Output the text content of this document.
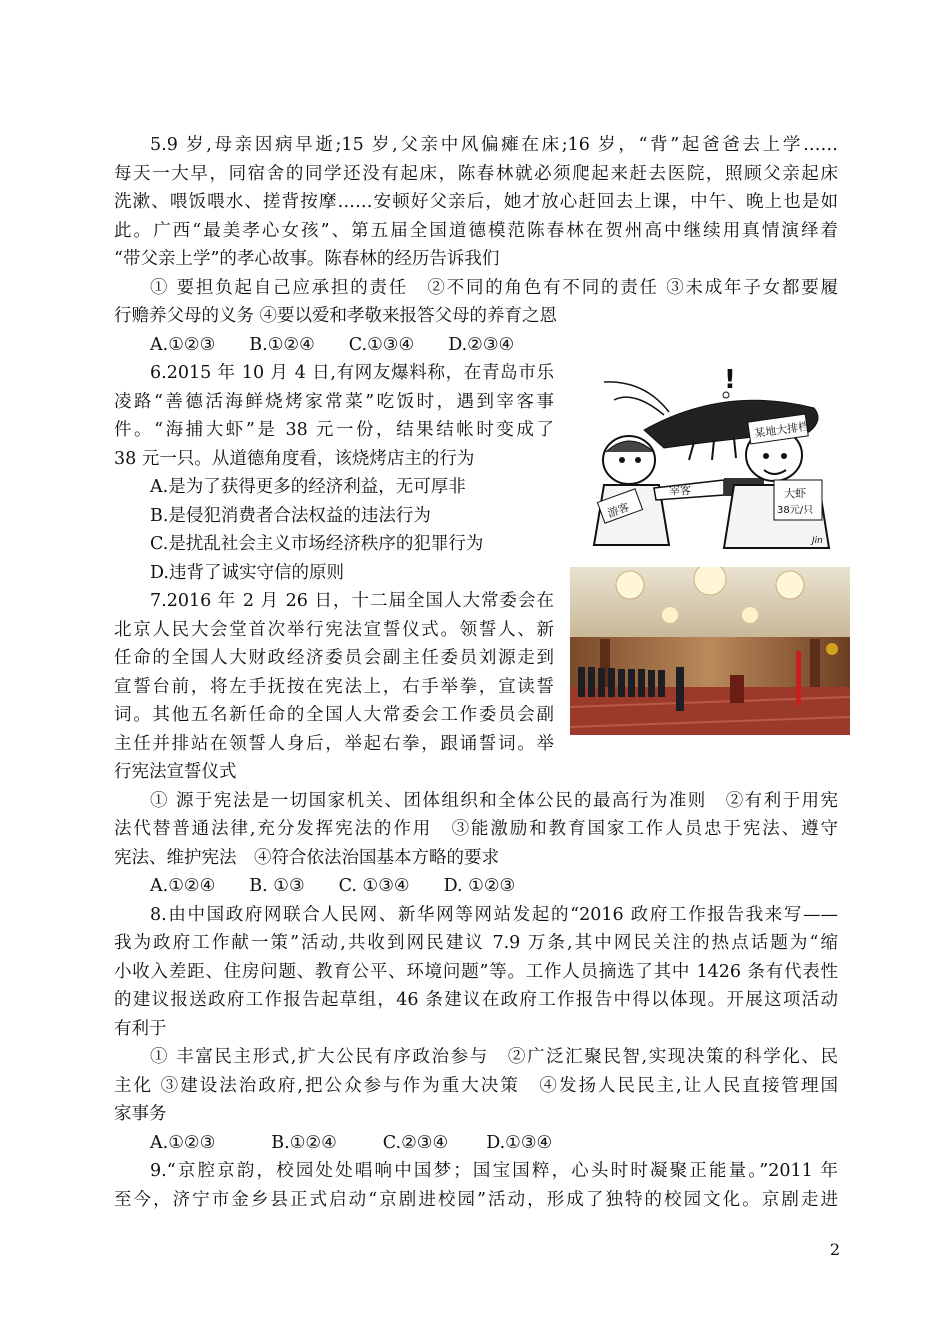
5.9 岁,母亲因病早逝;15 岁,父亲中风偏瘫在床;16 岁，“背”起爸爸去上学……
每天一大早，同宿舍的同学还没有起床，陈春林就必须爬起来赶去医院，照顾父亲起床
洗漱、喂饭喂水、搓背按摩……安顿好父亲后，她才放心赶回去上课，中午、晚上也是如
此。广西“最美孝心女孩”、第五届全国道德模范陈春林在贺州高中继续用真情演绎着
“带父亲上学”的孝心故事。陈春林的经历告诉我们
① 要担负起自己应承担的责任　②不同的角色有不同的责任 ③未成年子女都要履
行赡养父母的义务 ④要以爱和孝敬来报答父母的养育之恩
A.①②③ B.①②④ C.①③④ D.②③④
6.2015 年 10 月 4 日,有网友爆料称，在青岛市乐
凌路“善德活海鲜烧烤家常菜”吃饭时，遇到宰客事
件。“海捕大虾”是 38 元一份，结果结帐时变成了
38 元一只。从道德角度看，该烧烤店主的行为
A.是为了获得更多的经济利益，无可厚非
B.是侵犯消费者合法权益的违法行为
C.是扰乱社会主义市场经济秩序的犯罪行为
D.违背了诚实守信的原则
!
游客
宰客
某地大排档
大虾
38元/只
Jin
7.2016 年 2 月 26 日，十二届全国人大常委会在
北京人民大会堂首次举行宪法宣誓仪式。领誓人、新
任命的全国人大财政经济委员会副主任委员刘源走到
宣誓台前，将左手抚按在宪法上，右手举拳，宣读誓
词。其他五名新任命的全国人大常委会工作委员会副
主任并排站在领誓人身后，举起右拳，跟诵誓词。举
行宪法宣誓仪式
① 源于宪法是一切国家机关、团体组织和全体公民的最高行为准则　②有利于用宪
法代替普通法律,充分发挥宪法的作用　③能激励和教育国家工作人员忠于宪法、遵守
宪法、维护宪法　④符合依法治国基本方略的要求
A.①②④ B. ①③ C. ①③④ D. ①②③
8.由中国政府网联合人民网、新华网等网站发起的“2016 政府工作报告我来写——
我为政府工作献一策”活动,共收到网民建议 7.9 万条,其中网民关注的热点话题为“缩
小收入差距、住房问题、教育公平、环境问题”等。工作人员摘选了其中 1426 条有代表性
的建议报送政府工作报告起草组，46 条建议在政府工作报告中得以体现。开展这项活动
有利于
① 丰富民主形式,扩大公民有序政治参与　②广泛汇聚民智,实现决策的科学化、民
主化 ③建设法治政府,把公众参与作为重大决策　④发扬人民民主,让人民直接管理国
家事务
A.①②③	B.①②④	C.②③④ D.①③④
9.“京腔京韵，校园处处唱响中国梦；国宝国粹，心头时时凝聚正能量。”2011 年
至今，济宁市金乡县正式启动“京剧进校园”活动，形成了独特的校园文化。京剧走进
2
